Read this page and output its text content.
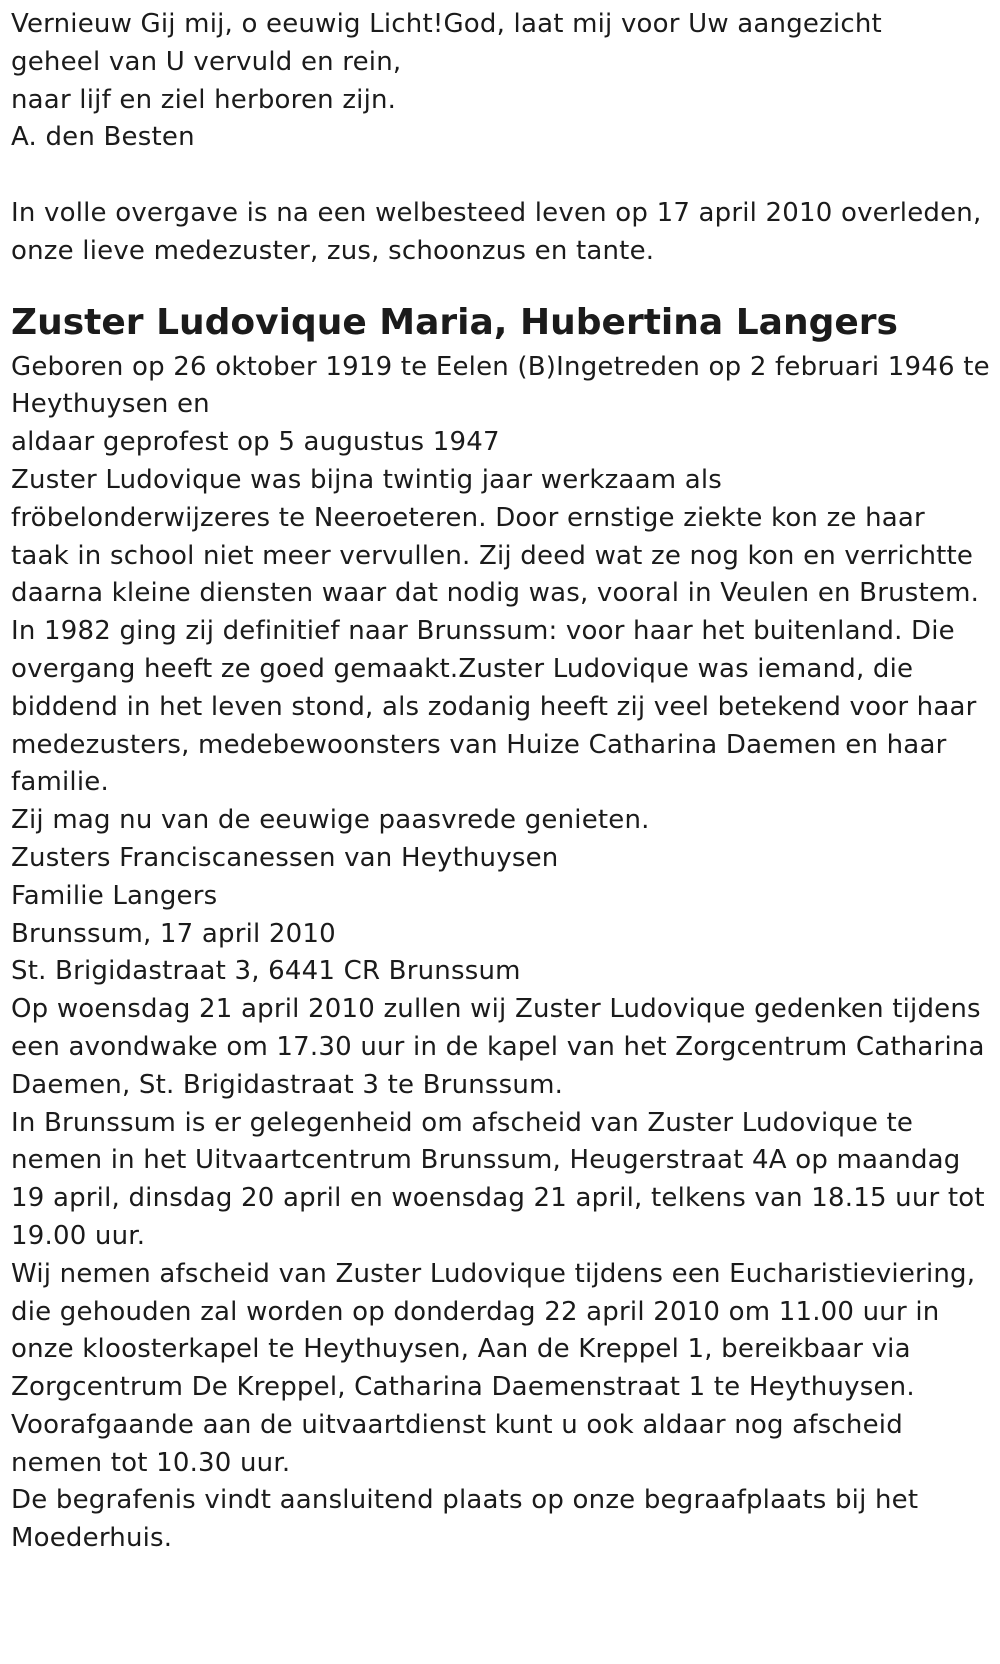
Vernieuw Gij mij, o eeuwig Licht!God, laat mij voor Uw aangezicht
geheel van U vervuld en rein,
naar lijf en ziel herboren zijn.
A. den Besten
In volle overgave is na een welbesteed leven op 17 april 2010 overleden,
onze lieve medezuster, zus, schoonzus en tante.
Zuster Ludovique Maria, Hubertina Langers
Geboren op 26 oktober 1919 te Eelen (B)Ingetreden op 2 februari 1946 te
Heythuysen en
aldaar geprofest op 5 augustus 1947
Zuster Ludovique was bijna twintig jaar werkzaam als
fröbelonderwijzeres te Neeroeteren. Door ernstige ziekte kon ze haar
taak in school niet meer vervullen. Zij deed wat ze nog kon en verrichtte
daarna kleine diensten waar dat nodig was, vooral in Veulen en Brustem.
In 1982 ging zij definitief naar Brunssum: voor haar het buitenland. Die
overgang heeft ze goed gemaakt.Zuster Ludovique was iemand, die
biddend in het leven stond, als zodanig heeft zij veel betekend voor haar
medezusters, medebewoonsters van Huize Catharina Daemen en haar
familie.
Zij mag nu van de eeuwige paasvrede genieten.
Zusters Franciscanessen van Heythuysen
Familie Langers
Brunssum, 17 april 2010
St. Brigidastraat 3, 6441 CR Brunssum
Op woensdag 21 april 2010 zullen wij Zuster Ludovique gedenken tijdens
een avondwake om 17.30 uur in de kapel van het Zorgcentrum Catharina
Daemen, St. Brigidastraat 3 te Brunssum.
In Brunssum is er gelegenheid om afscheid van Zuster Ludovique te
nemen in het Uitvaartcentrum Brunssum, Heugerstraat 4A op maandag
19 april, dinsdag 20 april en woensdag 21 april, telkens van 18.15 uur tot
19.00 uur.
Wij nemen afscheid van Zuster Ludovique tijdens een Eucharistieviering,
die gehouden zal worden op donderdag 22 april 2010 om 11.00 uur in
onze kloosterkapel te Heythuysen, Aan de Kreppel 1, bereikbaar via
Zorgcentrum De Kreppel, Catharina Daemenstraat 1 te Heythuysen.
Voorafgaande aan de uitvaartdienst kunt u ook aldaar nog afscheid
nemen tot 10.30 uur.
De begrafenis vindt aansluitend plaats op onze begraafplaats bij het
Moederhuis.
